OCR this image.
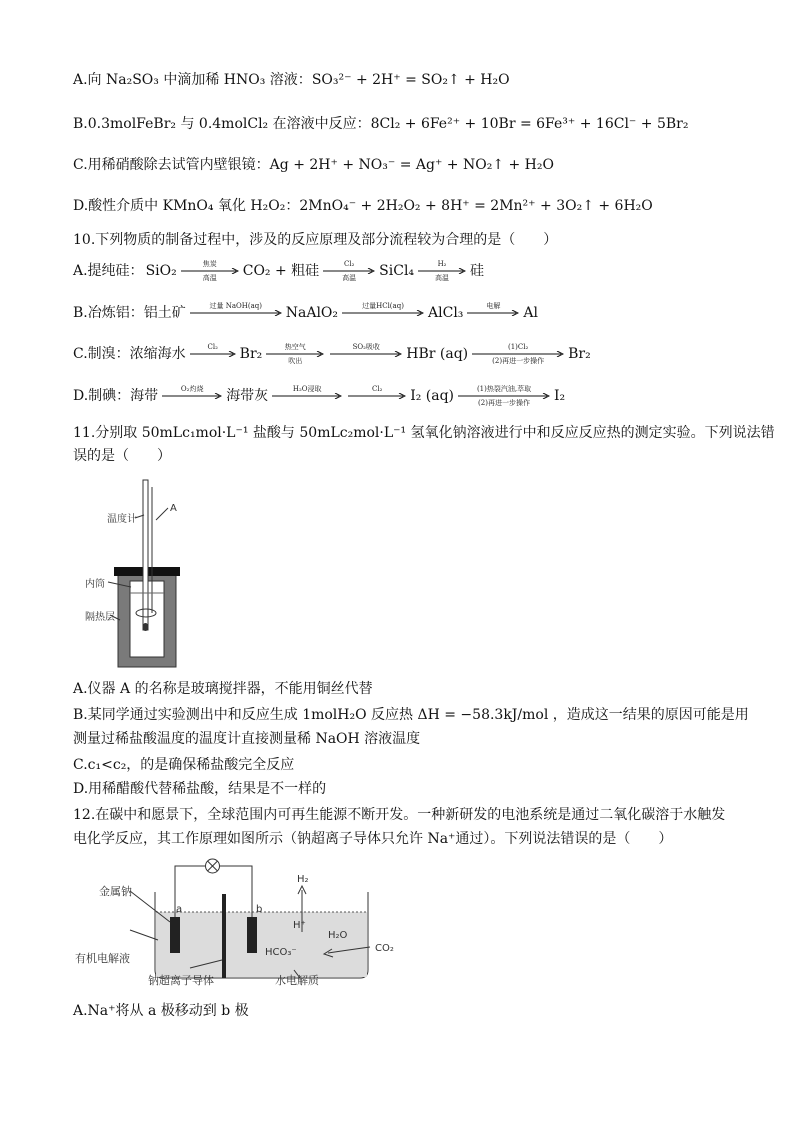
A.向 Na₂SO₃ 中滴加稀 HNO₃ 溶液：SO₃²⁻ + 2H⁺ = SO₂↑ + H₂O
B.0.3molFeBr₂ 与 0.4molCl₂ 在溶液中反应：8Cl₂ + 6Fe²⁺ + 10Br = 6Fe³⁺ + 16Cl⁻ + 5Br₂
C.用稀硝酸除去试管内壁银镜：Ag + 2H⁺ + NO₃⁻ = Ag⁺ + NO₂↑ + H₂O
D.酸性介质中 KMnO₄ 氧化 H₂O₂：2MnO₄⁻ + 2H₂O₂ + 8H⁺ = 2Mn²⁺ + 3O₂↑ + 6H₂O
10.下列物质的制备过程中，涉及的反应原理及部分流程较为合理的是（　　）
A.提纯硅： SiO₂	焦炭
高温 CO₂ + 粗硅	Cl₂
高温 SiCl₄	H₂
高温 硅
B.冶炼铝：铝土矿	过量 NaOH(aq) NaAlO₂	过量HCl(aq) AlCl₃	电解 Al
C.制溴：浓缩海水	Cl₂ Br₂	热空气
吹出
SO₂吸收 HBr (aq)	(1)Cl₂
(2)再进一步操作 Br₂
D.制碘：海带	O₂灼烧 海带灰	H₂O浸取	Cl₂ I₂ (aq)	(1)热裂汽油,萃取
(2)再进一步操作 I₂
11.分别取 50mLc₁mol·L⁻¹ 盐酸与 50mLc₂mol·L⁻¹ 氢氧化钠溶液进行中和反应反应热的测定实验。下列说法错
误的是（　　）
温度计
A
内筒
隔热层
A.仪器 A 的名称是玻璃搅拌器，不能用铜丝代替
B.某同学通过实验测出中和反应生成 1molH₂O 反应热 ΔH = −58.3kJ/mol ，造成这一结果的原因可能是用
测量过稀盐酸温度的温度计直接测量稀 NaOH 溶液温度
C.c₁<c₂，的是确保稀盐酸完全反应
D.用稀醋酸代替稀盐酸，结果是不一样的
12.在碳中和愿景下，全球范围内可再生能源不断开发。一种新研发的电池系统是通过二氧化碳溶于水触发
电化学反应，其工作原理如图所示（钠超离子导体只允许 Na⁺通过）。下列说法错误的是（　　）
金属钠
有机电解液
钠超离子导体	水电解质
a	b
H₂
H⁺
H₂O
HCO₃⁻	CO₂
A.Na⁺将从 a 极移动到 b 极
